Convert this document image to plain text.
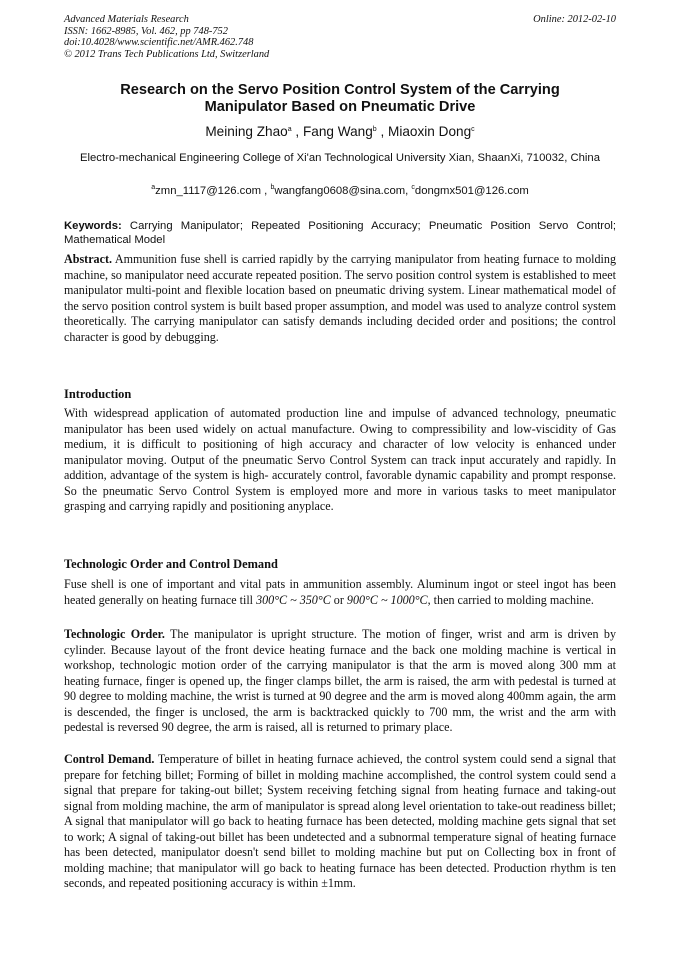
Advanced Materials Research
ISSN: 1662-8985, Vol. 462, pp 748-752
doi:10.4028/www.scientific.net/AMR.462.748
© 2012 Trans Tech Publications Ltd, Switzerland
Online: 2012-02-10
Research on the Servo Position Control System of the Carrying
Manipulator Based on Pneumatic Drive
Meining Zhao$^a$ , Fang Wang$^b$ , Miaoxin Dong$^c$
Electro-mechanical Engineering College of Xi'an Technological University Xian, ShaanXi, 710032, China
$^a$zmn_1117@126.com , $^b$wangfang0608@sina.com, $^c$dongmx501@126.com
Keywords: Carrying Manipulator; Repeated Positioning Accuracy; Pneumatic Position Servo Control; Mathematical Model
Abstract. Ammunition fuse shell is carried rapidly by the carrying manipulator from heating furnace to molding machine, so manipulator need accurate repeated position. The servo position control system is established to meet manipulator multi-point and flexible location based on pneumatic driving system. Linear mathematical model of the servo position control system is built based proper assumption, and model was used to analyze control system theoretically. The carrying manipulator can satisfy demands including decided order and positions; the control character is good by debugging.
Introduction
With widespread application of automated production line and impulse of advanced technology, pneumatic manipulator has been used widely on actual manufacture. Owing to compressibility and low-viscidity of Gas medium, it is difficult to positioning of high accuracy and character of low velocity is enhanced under manipulator moving. Output of the pneumatic Servo Control System can track input accurately and rapidly. In addition, advantage of the system is high- accurately control, favorable dynamic capability and prompt response. So the pneumatic Servo Control System is employed more and more in various tasks to meet manipulator grasping and carrying rapidly and positioning anyplace.
Technologic Order and Control Demand
Fuse shell is one of important and vital pats in ammunition assembly. Aluminum ingot or steel ingot has been heated generally on heating furnace till 300°C ~ 350°C or 900°C ~ 1000°C, then carried to molding machine.
Technologic Order. The manipulator is upright structure. The motion of finger, wrist and arm is driven by cylinder. Because layout of the front device heating furnace and the back one molding machine is vertical in workshop, technologic motion order of the carrying manipulator is that the arm is moved along 300 mm at heating furnace, finger is opened up, the finger clamps billet, the arm is raised, the arm with pedestal is turned at 90 degree to molding machine, the wrist is turned at 90 degree and the arm is moved along 400mm again, the arm is descended, the finger is unclosed, the arm is backtracked quickly to 700 mm, the wrist and the arm with pedestal is reversed 90 degree, the arm is raised, all is returned to primary place.
Control Demand. Temperature of billet in heating furnace achieved, the control system could send a signal that prepare for fetching billet; Forming of billet in molding machine accomplished, the control system could send a signal that prepare for taking-out billet; System receiving fetching signal from heating furnace and taking-out signal from molding machine, the arm of manipulator is spread along level orientation to take-out readiness billet; A signal that manipulator will go back to heating furnace has been detected, molding machine gets signal that set to work; A signal of taking-out billet has been undetected and a subnormal temperature signal of heating furnace has been detected, manipulator doesn't send billet to molding machine but put on Collecting box in front of molding machine; that manipulator will go back to heating furnace has been detected. Production rhythm is ten seconds, and repeated positioning accuracy is within ±1mm.
